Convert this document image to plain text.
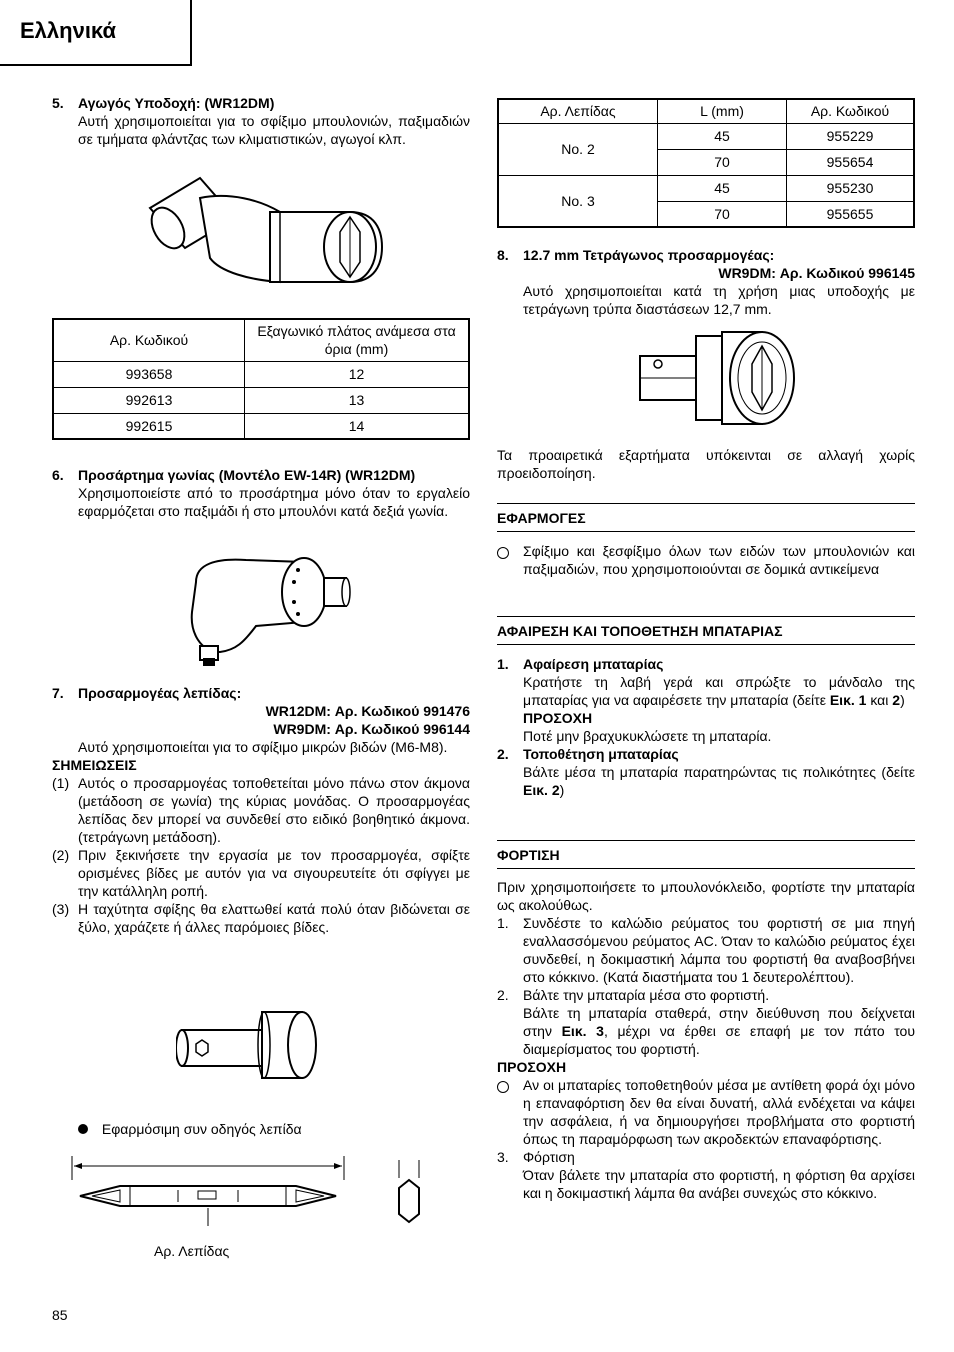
Ελληνικά
5.	Αγωγός Υποδοχή: (WR12DM)

Αυτή χρησιμοποιείται για το σφίξιμο μπουλονιών, παξιμαδιών σε τμήματα φλάντζας των κλιματιστικών, αγωγοί κλπ.

Αρ. Κωδικού	Εξαγωνικό πλάτος ανάμεσα στα όρια (mm)
993658	12
992613	13
992615	14
6.	Προσάρτημα γωνίας (Μοντέλο EW-14R) (WR12DM)

Χρησιμοποιείστε από το προσάρτημα μόνο όταν το εργαλείο εφαρμόζεται στο παξιμάδι ή στο μπουλόνι κατά δεξιά γωνία.

7.	Προσαρμογέας λεπίδας:

WR12DM: Αρ. Κωδικού 991476

WR9DM: Αρ. Κωδικού 996144

Αυτό χρησιμοποιείται για το σφίξιμο μικρών βιδών (M6-M8).

ΣΗΜΕΙΩΣΕΙΣ

(1) Αυτός ο προσαρμογέας τοποθετείται μόνο πάνω στον άκμονα (μετάδοση σε γωνία) της κύριας μονάδας. Ο προσαρμογέας λεπίδας δεν μπορεί να συνδεθεί στο ειδικό βοηθητικό άκμονα. (τετράγωνη μετάδοση).

(2) Πριν ξεκινήσετε την εργασία με τον προσαρμογέα, σφίξτε ορισμένες βίδες με αυτόν για να σιγουρευτείτε ότι σφίγγει με την κατάλληλη ροπή.

(3) Η ταχύτητα σφίξης θα ελαττωθεί κατά πολύ όταν βιδώνεται σε ξύλο, χαράζετε ή άλλες παρόμοιες βίδες.

Εφαρμόσιμη συν οδηγός λεπίδα
Αρ. Λεπίδας
85
Αρ. Λεπίδας	L (mm)	Αρ. Κωδικού
No. 2	45	955229
	70	955654
No. 3	45	955230
	70	955655
8.	12.7 mm Τετράγωνος προσαρμογέας:

WR9DM: Αρ. Κωδικού 996145

Αυτό χρησιμοποιείται κατά τη χρήση μιας υποδοχής με τετράγωνη τρύπα διαστάσεων 12,7 mm.

Τα προαιρετικά εξαρτήματα υπόκεινται σε αλλαγή χωρίς προειδοποίηση.

ΕΦΑΡΜΟΓΕΣ

Σφίξιμο και ξεσφίξιμο όλων των ειδών των μπουλονιών και παξιμαδιών, που χρησιμοποιούνται σε δομικά αντικείμενα

ΑΦΑΙΡΕΣΗ ΚΑΙ ΤΟΠΟΘΕΤΗΣΗ ΜΠΑΤΑΡΙΑΣ
1.	Αφαίρεση μπαταρίας

Κρατήστε τη λαβή γερά και σπρώξτε το μάνδαλο της μπαταρίας για να αφαιρέσετε την μπαταρία (δείτε Εικ. 1 και 2)

ΠΡΟΣΟΧΗ

Ποτέ μην βραχυκυκλώσετε τη μπαταρία.

2.	Τοποθέτηση μπαταρίας

Βάλτε μέσα τη μπαταρία παρατηρώντας τις πολικότητες (δείτε Εικ. 2)

ΦΟΡΤΙΣΗ

Πριν χρησιμοποιήσετε το μπουλονόκλειδο, φορτίστε την μπαταρία ως ακολούθως.

1.	Συνδέστε το καλώδιο ρεύματος του φορτιστή σε μια πηγή εναλλασσόμενου ρεύματος AC. Όταν το καλώδιο ρεύματος έχει συνδεθεί, η δοκιμαστική λάμπα του φορτιστή θα αναβοσβήνει στο κόκκινο. (Κατά διαστήματα του 1 δευτερολέπτου).

2.	Βάλτε την μπαταρία μέσα στο φορτιστή.

Βάλτε τη μπαταρία σταθερά, στην διεύθυνση που δείχνεται στην Εικ. 3, μέχρι να έρθει σε επαφή με τον πάτο του διαμερίσματος του φορτιστή.

ΠΡΟΣΟΧΗ

Αν οι μπαταρίες τοποθετηθούν μέσα με αντίθετη φορά όχι μόνο η επαναφόρτιση δεν θα είναι δυνατή, αλλά ενδέχεται να κάψει την ασφάλεια, ή να δημιουργήσει προβλήματα στο φορτιστή όπως τη παραμόρφωση των ακροδεκτών επαναφόρτισης.

3.	Φόρτιση

Όταν βάλετε την μπαταρία στο φορτιστή, η φόρτιση θα αρχίσει και η δοκιμαστική λάμπα θα ανάβει συνεχώς στο κόκκινο.
